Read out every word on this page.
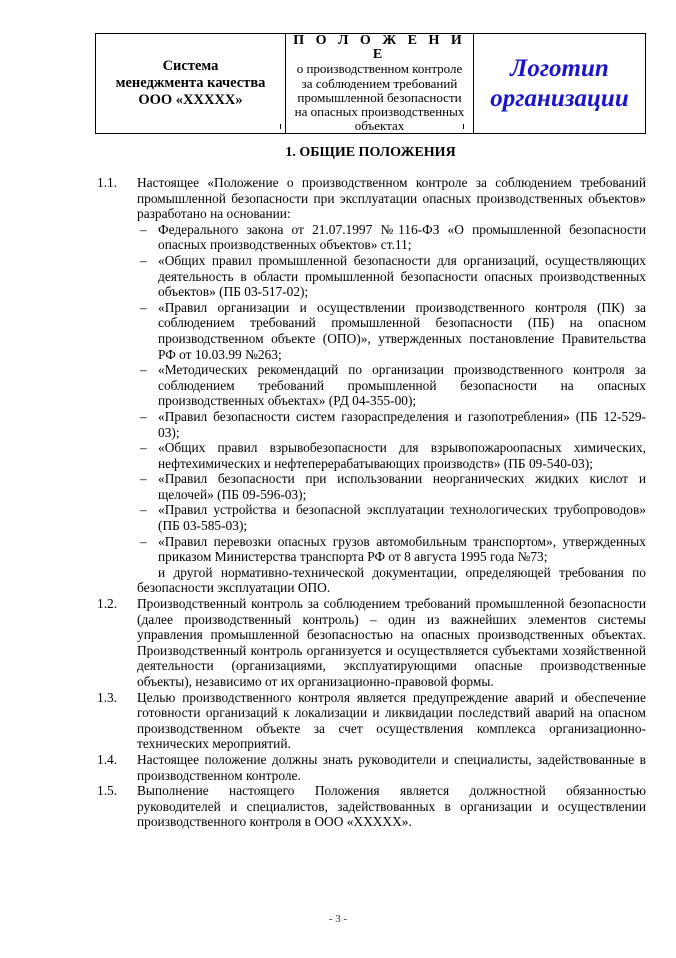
Система
менеджмента качества
ООО «XXXXX»

П О Л О Ж Е Н И Е
о производственном контроле
за соблюдением требований
промышленной безопасности
на опасных производственных
объектах

Логотип
организации
1. ОБЩИЕ ПОЛОЖЕНИЯ
1.1. Настоящее «Положение о производственном контроле за соблюдением требований промышленной безопасности при эксплуатации опасных производственных объектов» разработано на основании:
– Федерального закона от 21.07.1997 №116-ФЗ «О промышленной безопасности опасных производственных объектов» ст.11;
– «Общих правил промышленной безопасности для организаций, осуществляющих деятельность в области промышленной безопасности опасных производственных объектов» (ПБ 03-517-02);
– «Правил организации и осуществлении производственного контроля (ПК) за соблюдением требований промышленной безопасности (ПБ) на опасном производственном объекте (ОПО)», утвержденных постановление Правительства РФ от 10.03.99 №263;
– «Методических рекомендаций по организации производственного контроля за соблюдением требований промышленной безопасности на опасных производственных объектах» (РД 04-355-00);
– «Правил безопасности систем газораспределения и газопотребления» (ПБ 12-529-03);
– «Общих правил взрывобезопасности для взрывопожароопасных химических, нефтехимических и нефтеперерабатывающих производств» (ПБ 09-540-03);
– «Правил безопасности при использовании неорганических жидких кислот и щелочей» (ПБ 09-596-03);
– «Правил устройства и безопасной эксплуатации технологических трубопроводов» (ПБ 03-585-03);
– «Правил перевозки опасных грузов автомобильным транспортом», утвержденных приказом Министерства транспорта РФ от 8 августа 1995 года №73;
и другой нормативно-технической документации, определяющей требования по безопасности эксплуатации ОПО.
1.2. Производственный контроль за соблюдением требований промышленной безопасности (далее производственный контроль) – один из важнейших элементов системы управления промышленной безопасностью на опасных производственных объектах. Производственный контроль организуется и осуществляется субъектами хозяйственной деятельности (организациями, эксплуатирующими опасные производственные объекты), независимо от их организационно-правовой формы.
1.3. Целью производственного контроля является предупреждение аварий и обеспечение готовности организаций к локализации и ликвидации последствий аварий на опасном производственном объекте за счет осуществления комплекса организационно-технических мероприятий.
1.4. Настоящее положение должны знать руководители и специалисты, задействованные в производственном контроле.
1.5. Выполнение настоящего Положения является должностной обязанностью руководителей и специалистов, задействованных в организации и осуществлении производственного контроля в ООО «XXXXX».
- 3 -
